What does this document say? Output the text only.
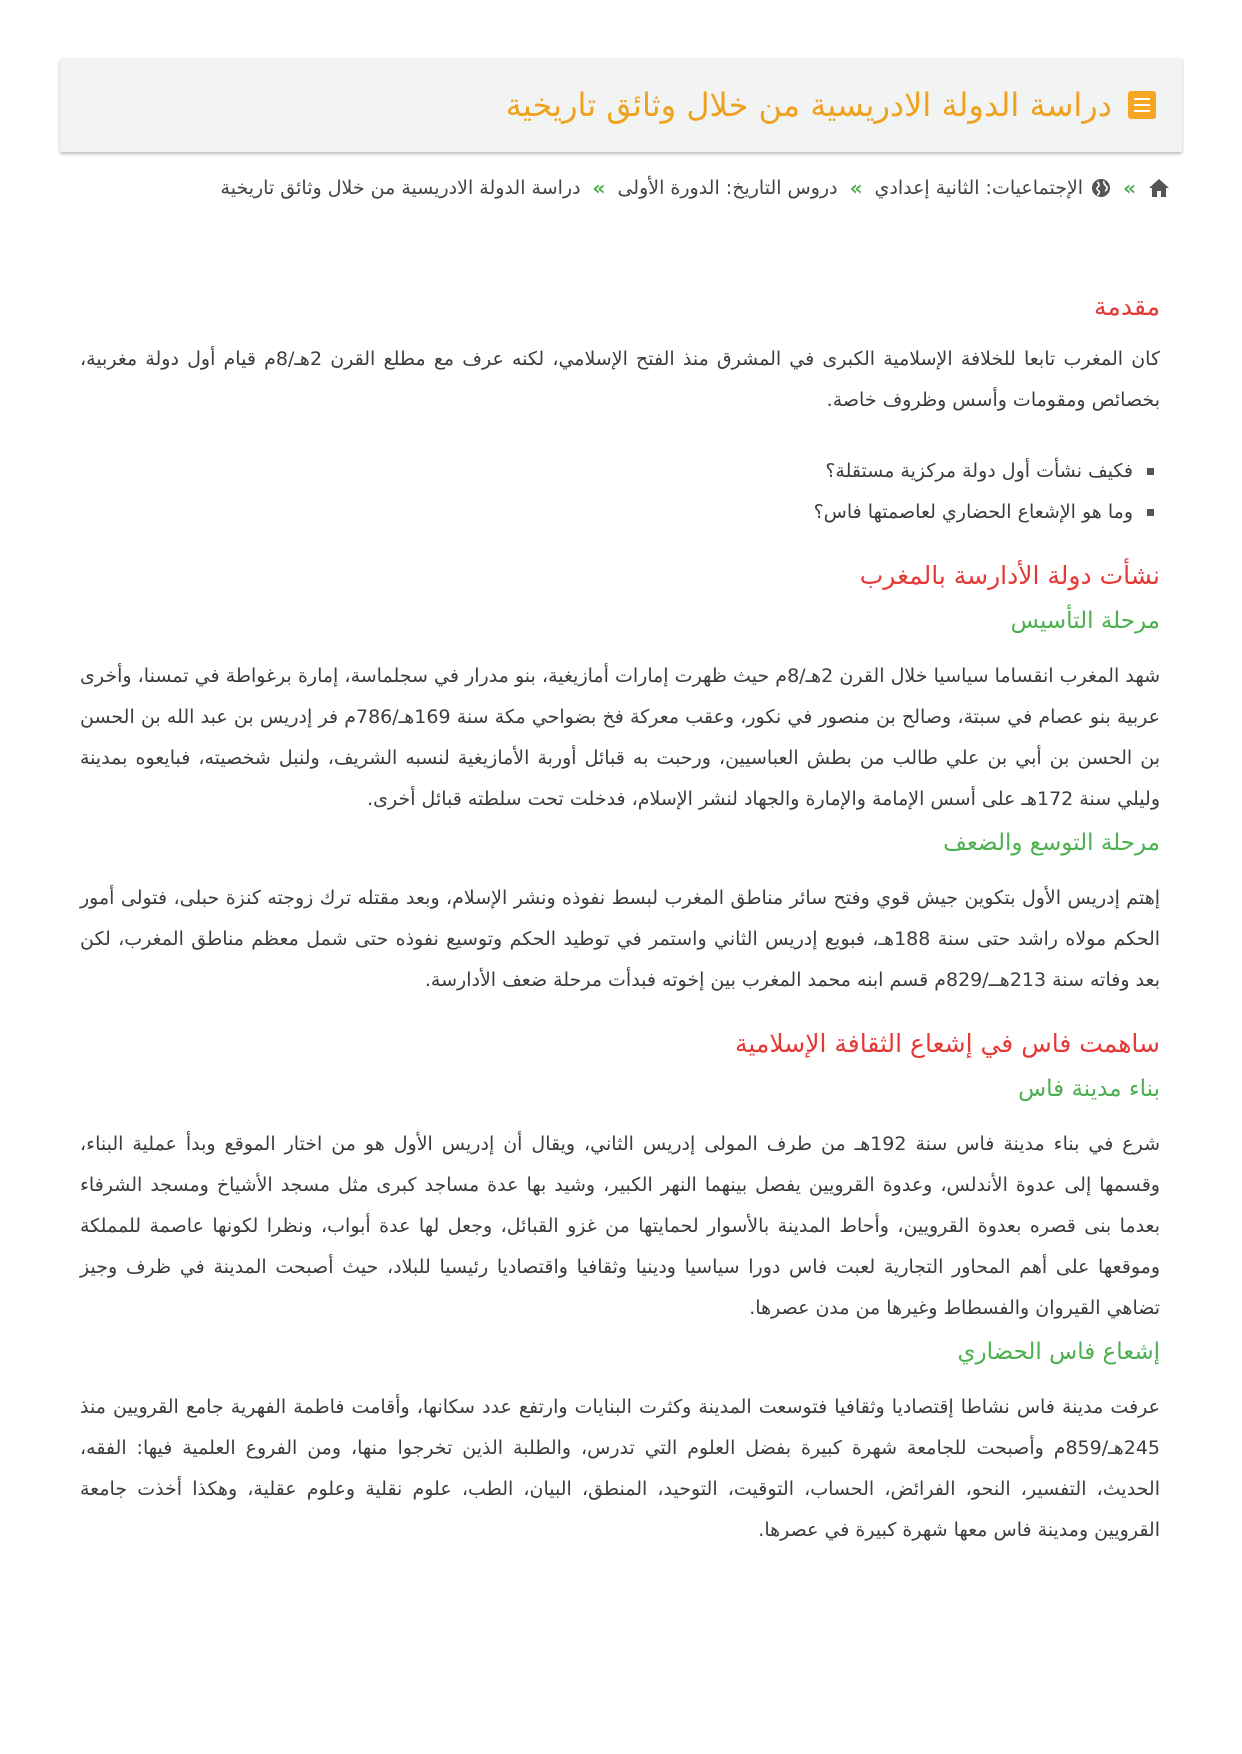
دراسة الدولة الادريسية من خلال وثائق تاريخية
»
الإجتماعيات: الثانية إعدادي
»
دروس التاريخ: الدورة الأولى
»
دراسة الدولة الادريسية من خلال وثائق تاريخية
مقدمة

كان المغرب تابعا للخلافة الإسلامية الكبرى في المشرق منذ الفتح الإسلامي، لكنه عرف مع مطلع القرن 2هـ/8م قيام أول دولة مغربية، بخصائص ومقومات وأسس وظروف خاصة.

فكيف نشأت أول دولة مركزية مستقلة؟
وما هو الإشعاع الحضاري لعاصمتها فاس؟
نشأت دولة الأدارسة بالمغرب
مرحلة التأسيس

شهد المغرب انقساما سياسيا خلال القرن 2هـ/8م حيث ظهرت إمارات أمازيغية، بنو مدرار في سجلماسة، إمارة برغواطة في تمسنا، وأخرى عربية بنو عصام في سبتة، وصالح بن منصور في نكور، وعقب معركة فخ بضواحي مكة سنة 169هـ/786م فر إدريس بن عبد الله بن الحسن بن الحسن بن أبي بن علي طالب من بطش العباسيين، ورحبت به قبائل أوربة الأمازيغية لنسبه الشريف، ولنبل شخصيته، فبايعوه بمدينة وليلي سنة 172هـ على أسس الإمامة والإمارة والجهاد لنشر الإسلام، فدخلت تحت سلطته قبائل أخرى.

مرحلة التوسع والضعف

إهتم إدريس الأول بتكوين جيش قوي وفتح سائر مناطق المغرب لبسط نفوذه ونشر الإسلام، وبعد مقتله ترك زوجته كنزة حبلى، فتولى أمور الحكم مولاه راشد حتى سنة 188هـ، فبويع إدريس الثاني واستمر في توطيد الحكم وتوسيع نفوذه حتى شمل معظم مناطق المغرب، لكن بعد وفاته سنة 213هــ/829م قسم ابنه محمد المغرب بين إخوته فبدأت مرحلة ضعف الأدارسة.

ساهمت فاس في إشعاع الثقافة الإسلامية
بناء مدينة فاس

شرع في بناء مدينة فاس سنة 192هـ من طرف المولى إدريس الثاني، ويقال أن إدريس الأول هو من اختار الموقع وبدأ عملية البناء، وقسمها إلى عدوة الأندلس، وعدوة القرويين يفصل بينهما النهر الكبير، وشيد بها عدة مساجد كبرى مثل مسجد الأشياخ ومسجد الشرفاء بعدما بنى قصره بعدوة القرويين، وأحاط المدينة بالأسوار لحمايتها من غزو القبائل، وجعل لها عدة أبواب، ونظرا لكونها عاصمة للمملكة وموقعها على أهم المحاور التجارية لعبت فاس دورا سياسيا ودينيا وثقافيا واقتصاديا رئيسيا للبلاد، حيث أصبحت المدينة في ظرف وجيز تضاهي القيروان والفسطاط وغيرها من مدن عصرها.

إشعاع فاس الحضاري

عرفت مدينة فاس نشاطا إقتصاديا وثقافيا فتوسعت المدينة وكثرت البنايات وارتفع عدد سكانها، وأقامت فاطمة الفهرية جامع القرويين منذ 245هـ/859م وأصبحت للجامعة شهرة كبيرة بفضل العلوم التي تدرس، والطلبة الذين تخرجوا منها، ومن الفروع العلمية فيها: الفقه، الحديث، التفسير، النحو، الفرائض، الحساب، التوقيت، التوحيد، المنطق، البيان، الطب، علوم نقلية وعلوم عقلية، وهكذا أخذت جامعة القرويين ومدينة فاس معها شهرة كبيرة في عصرها.
